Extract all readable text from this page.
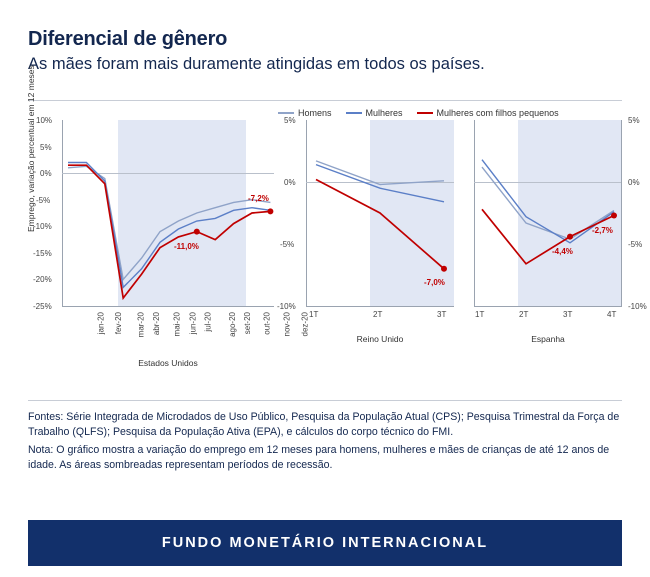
Diferencial de gênero
As mães foram mais duramente atingidas em todos os países.
Homens	Mulheres	Mulheres com filhos pequenos
Emprego, variação percentual em 12 meses 10%
5%
0%
-5%
-10%
-15%
-20%
-25%
-11,0%
-7,2%
jan-20 fev-20 mar-20 abr-20 mai-20 jun-20 jul-20 ago-20 set-20 out-20 nov-20 dez-20
Estados Unidos
5%
0%
-5%
-10%
-7,0%
1T	2T	3T
Reino Unido
5%
0%
-5%
-10%
-4,4%
-2,7%
1T	2T	3T	4T
Espanha

Fontes: Série Integrada de Microdados de Uso Público, Pesquisa da População Atual (CPS); Pesquisa Trimestral da Força de Trabalho (QLFS); Pesquisa da População Ativa (EPA), e cálculos do corpo técnico do FMI.

Nota: O gráfico mostra a variação do emprego em 12 meses para homens, mulheres e mães de crianças de até 12 anos de idade. As áreas sombreadas representam períodos de recessão.

FUNDO MONETÁRIO INTERNACIONAL
